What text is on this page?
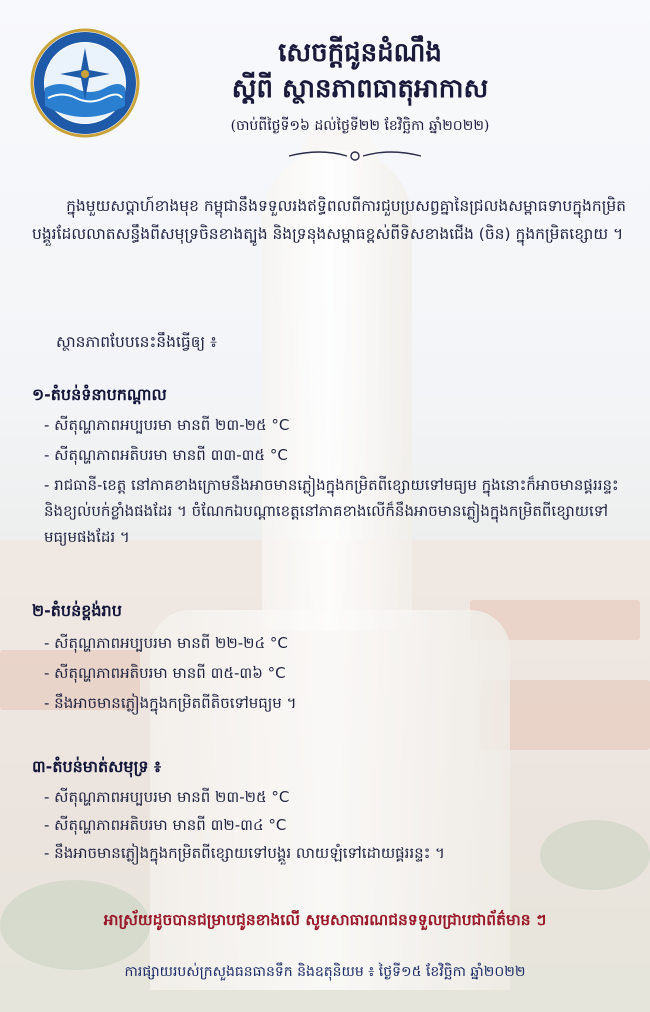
សេចក្តីជូនដំណឹង
ស្តីពី ស្ថានភាពធាតុអាកាស
(ចាប់ពីថ្ងៃទី១៦ ដល់ថ្ងៃទី២២ ខែវិច្ឆិកា ឆ្នាំ២០២២)
ក្នុងមួយសប្តាហ៍ខាងមុខ កម្ពុជានឹងទទួលរងឥទ្ធិពលពីការជួបប្រសព្វគ្នានៃជ្រលងសម្ពាធទាបក្នុងកម្រិតបង្គួរដែលលាតសន្ធឹងពីសមុទ្រចិនខាងត្បូង និងទ្រនុងសម្ពាធខ្ពស់ពីទិសខាងជើង (ចិន) ក្នុងកម្រិតខ្សោយ ។
ស្ថានភាពបែបនេះនឹងធ្វើឲ្យ ៖
១-តំបន់ទំនាបកណ្តាល
- សីតុណ្ហភាពអប្បបរមា មានពី ២៣-២៥ °C
- សីតុណ្ហភាពអតិបរមា មានពី ៣៣-៣៥ °C
- រាជធានី-ខេត្ត នៅភាគខាងក្រោមនឹងអាចមានភ្លៀងក្នុងកម្រិតពីខ្សោយទៅមធ្យម ក្នុងនោះក៏អាចមានផ្គររន្ទះ និងខ្យល់បក់ខ្លាំងផងដែរ ។ ចំណែកឯបណ្តាខេត្តនៅភាគខាងលើក៏នឹងអាចមានភ្លៀងក្នុងកម្រិតពីខ្សោយទៅមធ្យមផងដែរ ។
២-តំបន់ខ្ពង់រាប
- សីតុណ្ហភាពអប្បបរមា មានពី ២២-២៤ °C
- សីតុណ្ហភាពអតិបរមា មានពី ៣៥-៣៦ °C
- នឹងអាចមានភ្លៀងក្នុងកម្រិតពីតិចទៅមធ្យម ។
៣-តំបន់មាត់សមុទ្រ ៖
- សីតុណ្ហភាពអប្បបរមា មានពី ២៣-២៥ °C
- សីតុណ្ហភាពអតិបរមា មានពី ៣២-៣៤ °C
- នឹងអាចមានភ្លៀងក្នុងកម្រិតពីខ្សោយទៅបង្គួរ លាយឡំទៅដោយផ្គររន្ទះ ។
អាស្រ័យដូចបានជម្រាបជូនខាងលើ សូមសាធារណជនទទួលជ្រាបជាព័ត៌មាន ៗ
ការផ្សាយរបស់ក្រសួងធនធានទឹក និងឧតុនិយម ៖ ថ្ងៃទី១៥ ខែវិច្ឆិកា ឆ្នាំ២០២២
